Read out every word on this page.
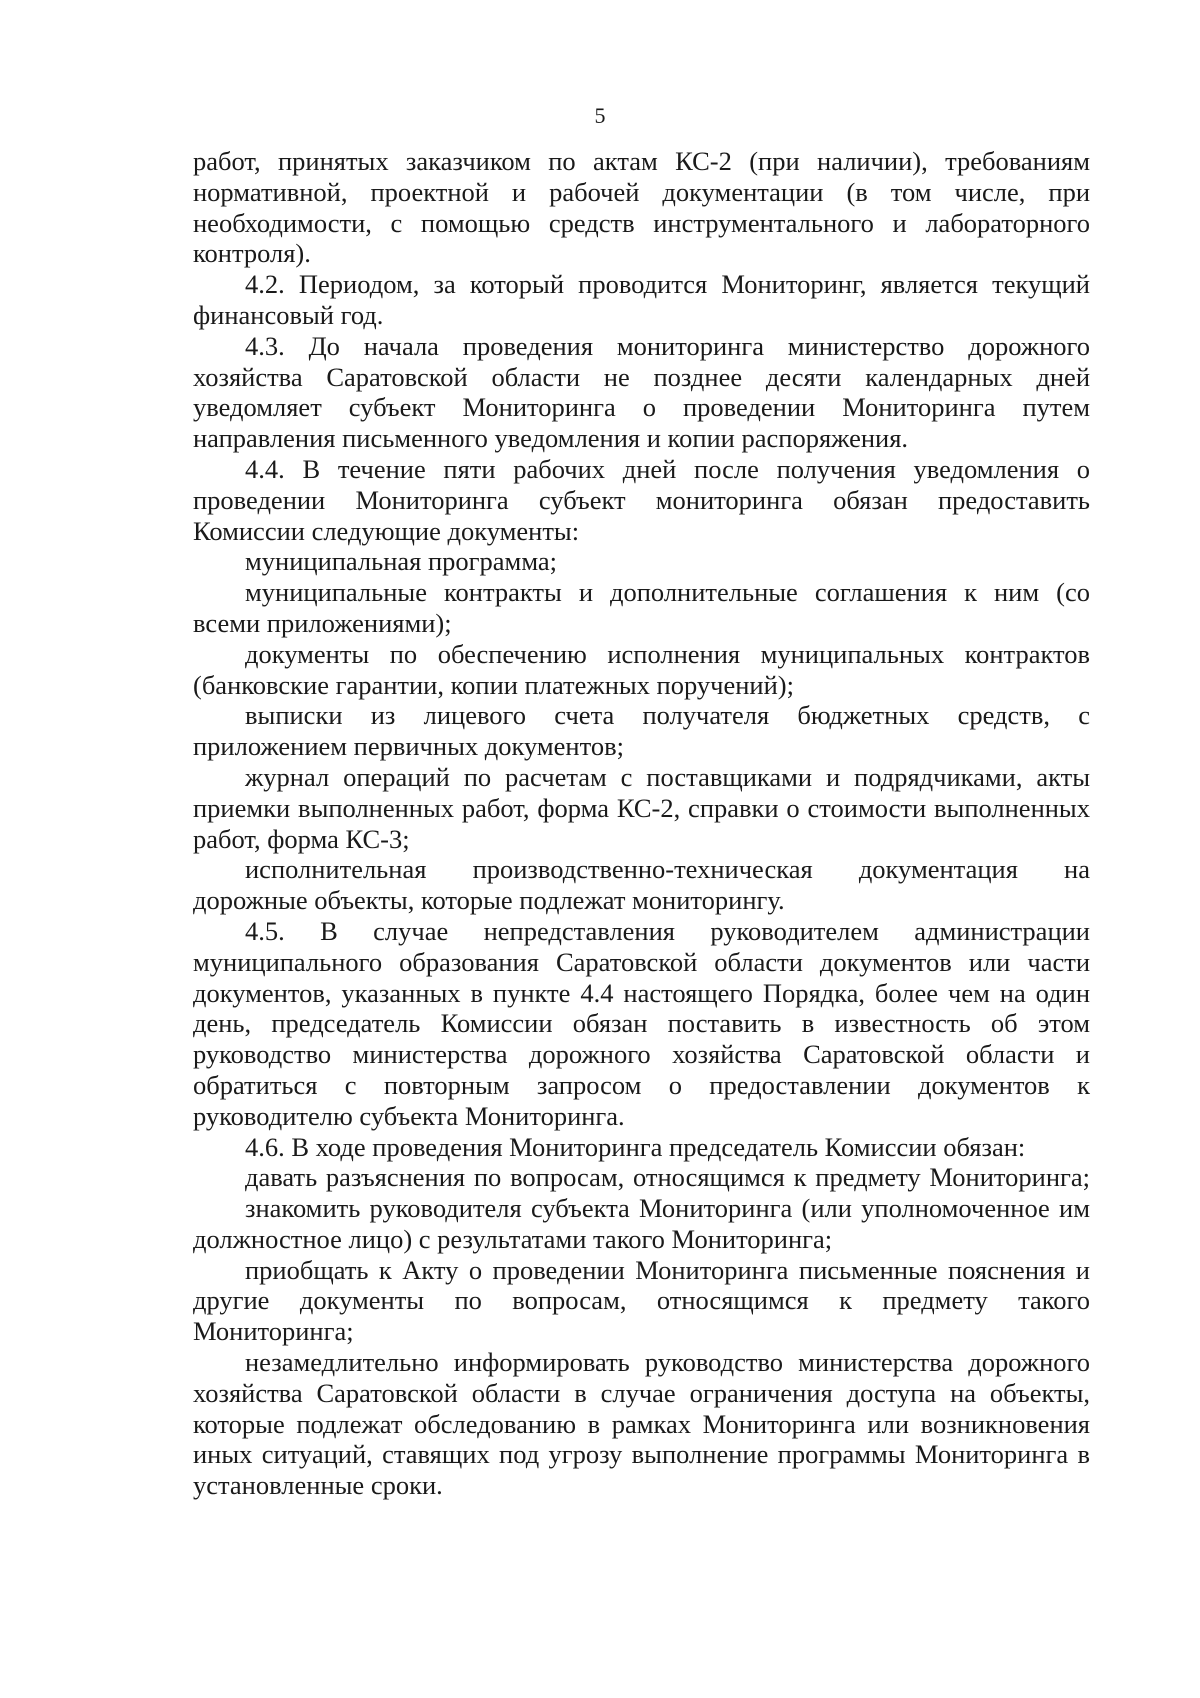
5

работ, принятых заказчиком по актам КС-2 (при наличии), требованиям нормативной, проектной и рабочей документации (в том числе, при необходимости, с помощью средств инструментального и лабораторного контроля).

4.2. Периодом, за который проводится Мониторинг, является текущий финансовый год.

4.3. До начала проведения мониторинга министерство дорожного хозяйства Саратовской области не позднее десяти календарных дней уведомляет субъект Мониторинга о проведении Мониторинга путем направления письменного уведомления и копии распоряжения.

4.4. В течение пяти рабочих дней после получения уведомления о проведении Мониторинга субъект мониторинга обязан предоставить Комиссии следующие документы:

муниципальная программа;

муниципальные контракты и дополнительные соглашения к ним (со всеми приложениями);

документы по обеспечению исполнения муниципальных контрактов (банковские гарантии, копии платежных поручений);

выписки из лицевого счета получателя бюджетных средств, с приложением первичных документов;

журнал операций по расчетам с поставщиками и подрядчиками, акты приемки выполненных работ, форма КС-2, справки о стоимости выполненных работ, форма КС-3;

исполнительная производственно-техническая документация на дорожные объекты, которые подлежат мониторингу.

4.5. В случае непредставления руководителем администрации муниципального образования Саратовской области документов или части документов, указанных в пункте 4.4 настоящего Порядка, более чем на один день, председатель Комиссии обязан поставить в известность об этом руководство министерства дорожного хозяйства Саратовской области и обратиться с повторным запросом о предоставлении документов к руководителю субъекта Мониторинга.

4.6. В ходе проведения Мониторинга председатель Комиссии обязан:

давать разъяснения по вопросам, относящимся к предмету Мониторинга;

знакомить руководителя субъекта Мониторинга (или уполномоченное им должностное лицо) с результатами такого Мониторинга;

приобщать к Акту о проведении Мониторинга письменные пояснения и другие документы по вопросам, относящимся к предмету такого Мониторинга;

незамедлительно информировать руководство министерства дорожного хозяйства Саратовской области в случае ограничения доступа на объекты, которые подлежат обследованию в рамках Мониторинга или возникновения иных ситуаций, ставящих под угрозу выполнение программы Мониторинга в установленные сроки.
